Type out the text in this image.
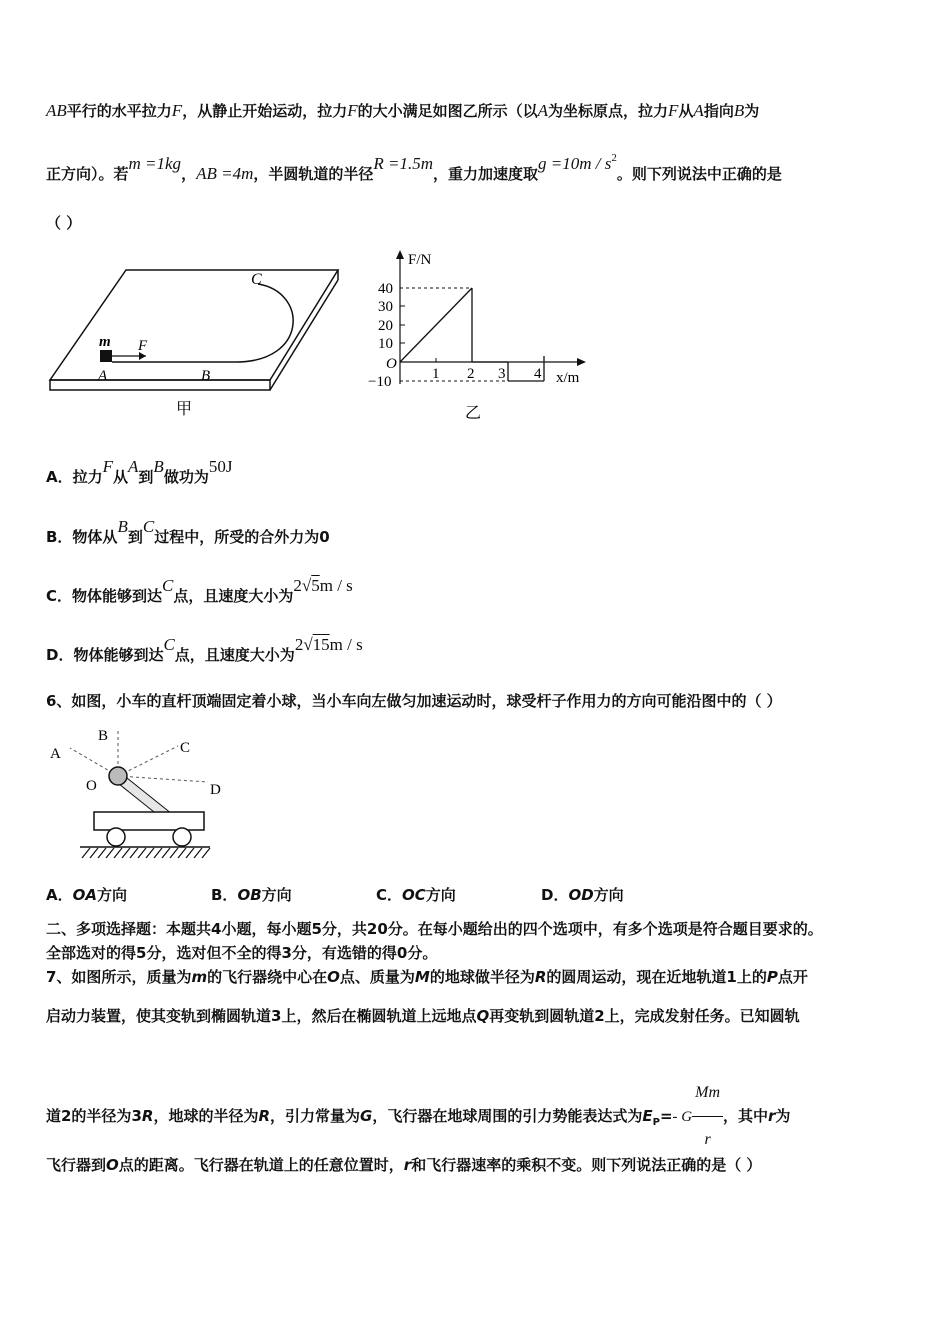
AB平行的水平拉力F，从静止开始运动，拉力F的大小满足如图乙所示（以A为坐标原点，拉力F从A指向B为
正方向）。若m =1kg，AB =4m，半圆轨道的半径R =1.5m，重力加速度取$g =10m / s^2$。则下列说法中正确的是
（ ）
C
m F
A	B
甲
F/N
x/m
O
40
30
20
10
−10	1 2 3 4
乙
A．拉力F从A到B做功为50J
B．物体从B到C过程中，所受的合外力为0
C．物体能够到达C点，且速度大小为2√5m / s
D．物体能够到达C点，且速度大小为2√15m / s
6、如图，小车的直杆顶端固定着小球，当小车向左做匀加速运动时，球受杆子作用力的方向可能沿图中的（ ）
A
B
C
D
O
A．OA方向	B．OB方向	C．OC方向	D．OD方向
二、多项选择题：本题共4小题，每小题5分，共20分。在每小题给出的四个选项中，有多个选项是符合题目要求的。
全部选对的得5分，选对但不全的得3分，有选错的得0分。
7、如图所示，质量为m的飞行器绕中心在O点、质量为M的地球做半径为R的圆周运动，现在近地轨道1上的P点开
启动力装置，使其变轨到椭圆轨道3上，然后在椭圆轨道上远地点Q再变轨到圆轨道2上，完成发射任务。已知圆轨
道2的半径为3R，地球的半径为R，引力常量为G，飞行器在地球周围的引力势能表达式为$E_P=-$ G $\frac{Mm}{r}$ ，其中r为
飞行器到O点的距离。飞行器在轨道上的任意位置时，r和飞行器速率的乘积不变。则下列说法正确的是（ ）
